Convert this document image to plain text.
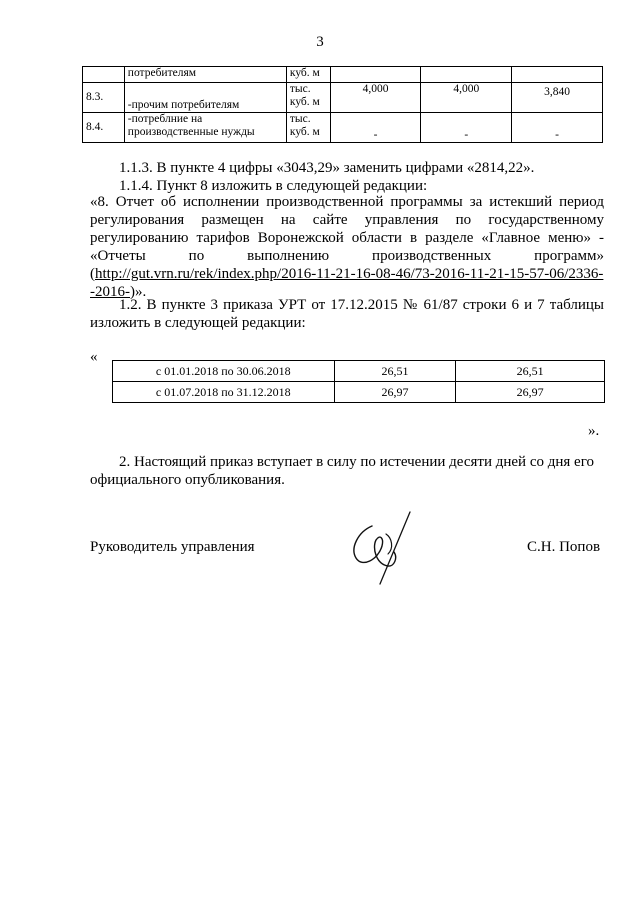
3
	потребителям	куб. м			
8.3.	-прочим потребителям	тыс. куб. м	4,000	4,000	3,840
8.4.	-потреблние на производственные нужды	тыс. куб. м	-	-	-
1.1.3. В пункте 4 цифры «3043,29» заменить цифрами «2814,22».
1.1.4. Пункт 8 изложить в следующей редакции:
«8. Отчет об исполнении производственной программы за истекший период регулирования размещен на сайте управления по государственному регулированию тарифов Воронежской области в разделе «Главное меню» - «Отчеты по выполнению производственных программ» (http://gut.vrn.ru/rek/index.php/2016-11-21-16-08-46/73-2016-11-21-15-57-06/2336--2016-)».
1.2. В пункте 3 приказа УРТ от 17.12.2015 № 61/87 строки 6 и 7 таблицы изложить в следующей редакции:
«
с 01.01.2018 по 30.06.2018	26,51	26,51
с 01.07.2018 по 31.12.2018	26,97	26,97
».
2. Настоящий приказ вступает в силу по истечении десяти дней со дня его официального опубликования.
Руководитель управления	С.Н. Попов
